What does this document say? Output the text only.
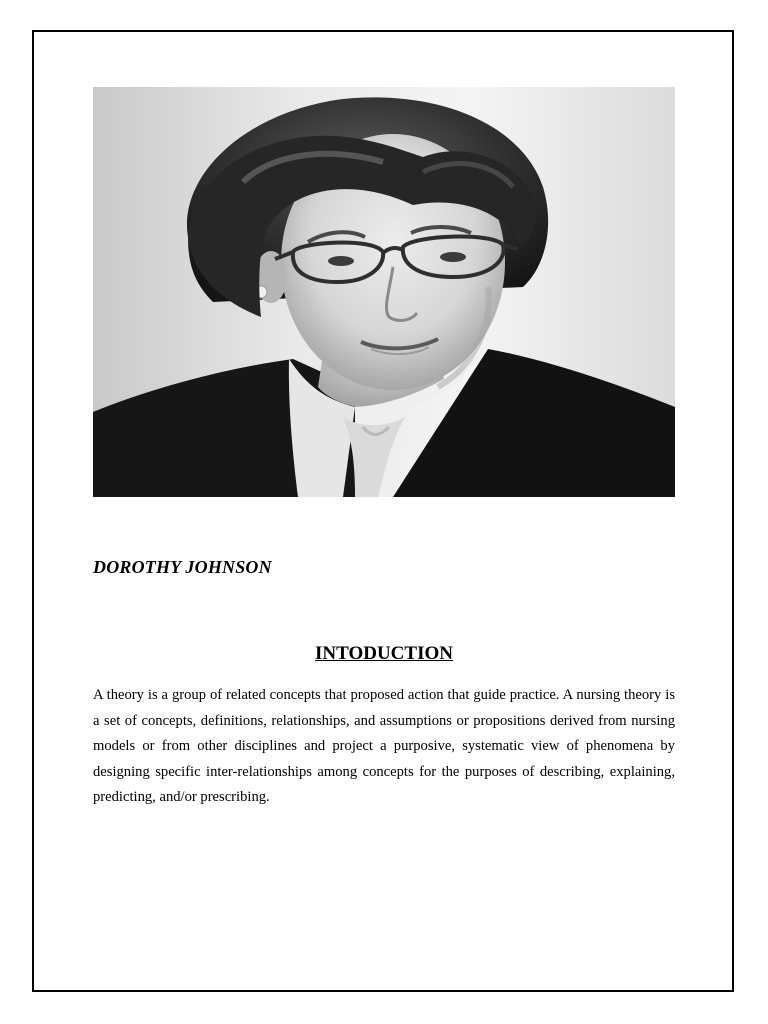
DOROTHY JOHNSON

INTODUCTION

A theory is a group of related concepts that proposed action that guide practice. A nursing theory is a set of concepts, definitions, relationships, and assumptions or propositions derived from nursing models or from other disciplines and project a purposive, systematic view of phenomena by designing specific inter-relationships among concepts for the purposes of describing, explaining, predicting, and/or prescribing.
